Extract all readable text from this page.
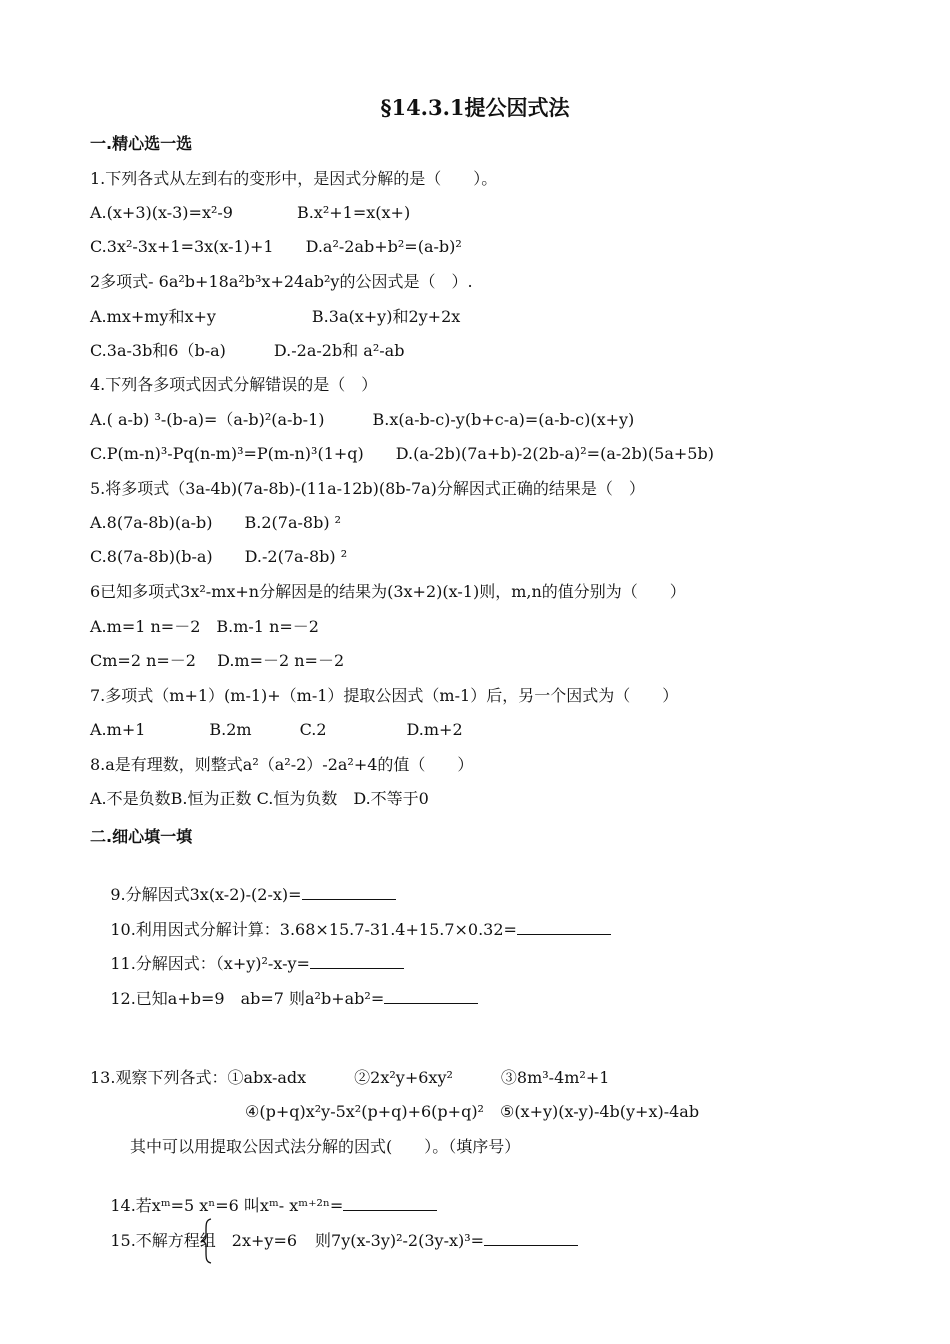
§14.3.1提公因式法
一.精心选一选
1.下列各式从左到右的变形中，是因式分解的是（　　）。
A.(x+3)(x-3)=x²-9　　　　B.x²+1=x(x+)
C.3x²-3x+1=3x(x-1)+1　　D.a²-2ab+b²=(a-b)²
2多项式- 6a²b+18a²b³x+24ab²y的公因式是（　）.
A.mx+my和x+y　　　　　　B.3a(x+y)和2y+2x
C.3a-3b和6（b-a)　　　D.-2a-2b和 a²-ab
4.下列各多项式因式分解错误的是（　）
A.( a-b) ³-(b-a)=（a-b)²(a-b-1)　　　B.x(a-b-c)-y(b+c-a)=(a-b-c)(x+y)
C.P(m-n)³-Pq(n-m)³=P(m-n)³(1+q)　　D.(a-2b)(7a+b)-2(2b-a)²=(a-2b)(5a+5b)
5.将多项式（3a-4b)(7a-8b)-(11a-12b)(8b-7a)分解因式正确的结果是（　）
A.8(7a-8b)(a-b)　　B.2(7a-8b) ²
C.8(7a-8b)(b-a)　　D.-2(7a-8b) ²
6已知多项式3x²-mx+n分解因是的结果为(3x+2)(x-1)则，m,n的值分别为（　　）
A.m=1 n=－2　B.m-1 n=－2
Cm=2 n=－2　 D.m=－2 n=－2
7.多项式（m+1）(m-1)+（m-1）提取公因式（m-1）后，另一个因式为（　　）
A.m+1　　　　B.2m　　　C.2　　　　　D.m+2
8.a是有理数，则整式a²（a²-2）-2a²+4的值（　　）
A.不是负数B.恒为正数 C.恒为负数　D.不等于0
二.细心填一填

9.分解因式3x(x-2)-(2-x)=

10.利用因式分解计算：3.68×15.7-31.4+15.7×0.32=

11.分解因式：（x+y)²-x-y=

12.已知a+b=9　ab=7 则a²b+ab²=

13.观察下列各式：①abx-adx　　　②2x²y+6xy²　　　③8m³-4m²+1
④(p+q)x²y-5x²(p+q)+6(p+q)²　⑤(x+y)(x-y)-4b(y+x)-4ab
其中可以用提取公因式法分解的因式(　　）。（填序号）

14.若xᵐ=5 xⁿ=6 叫xᵐ- xᵐ⁺²ⁿ=

15.不解方程组 2x+y=6 则7y(x-3y)²-2(3y-x)³=
